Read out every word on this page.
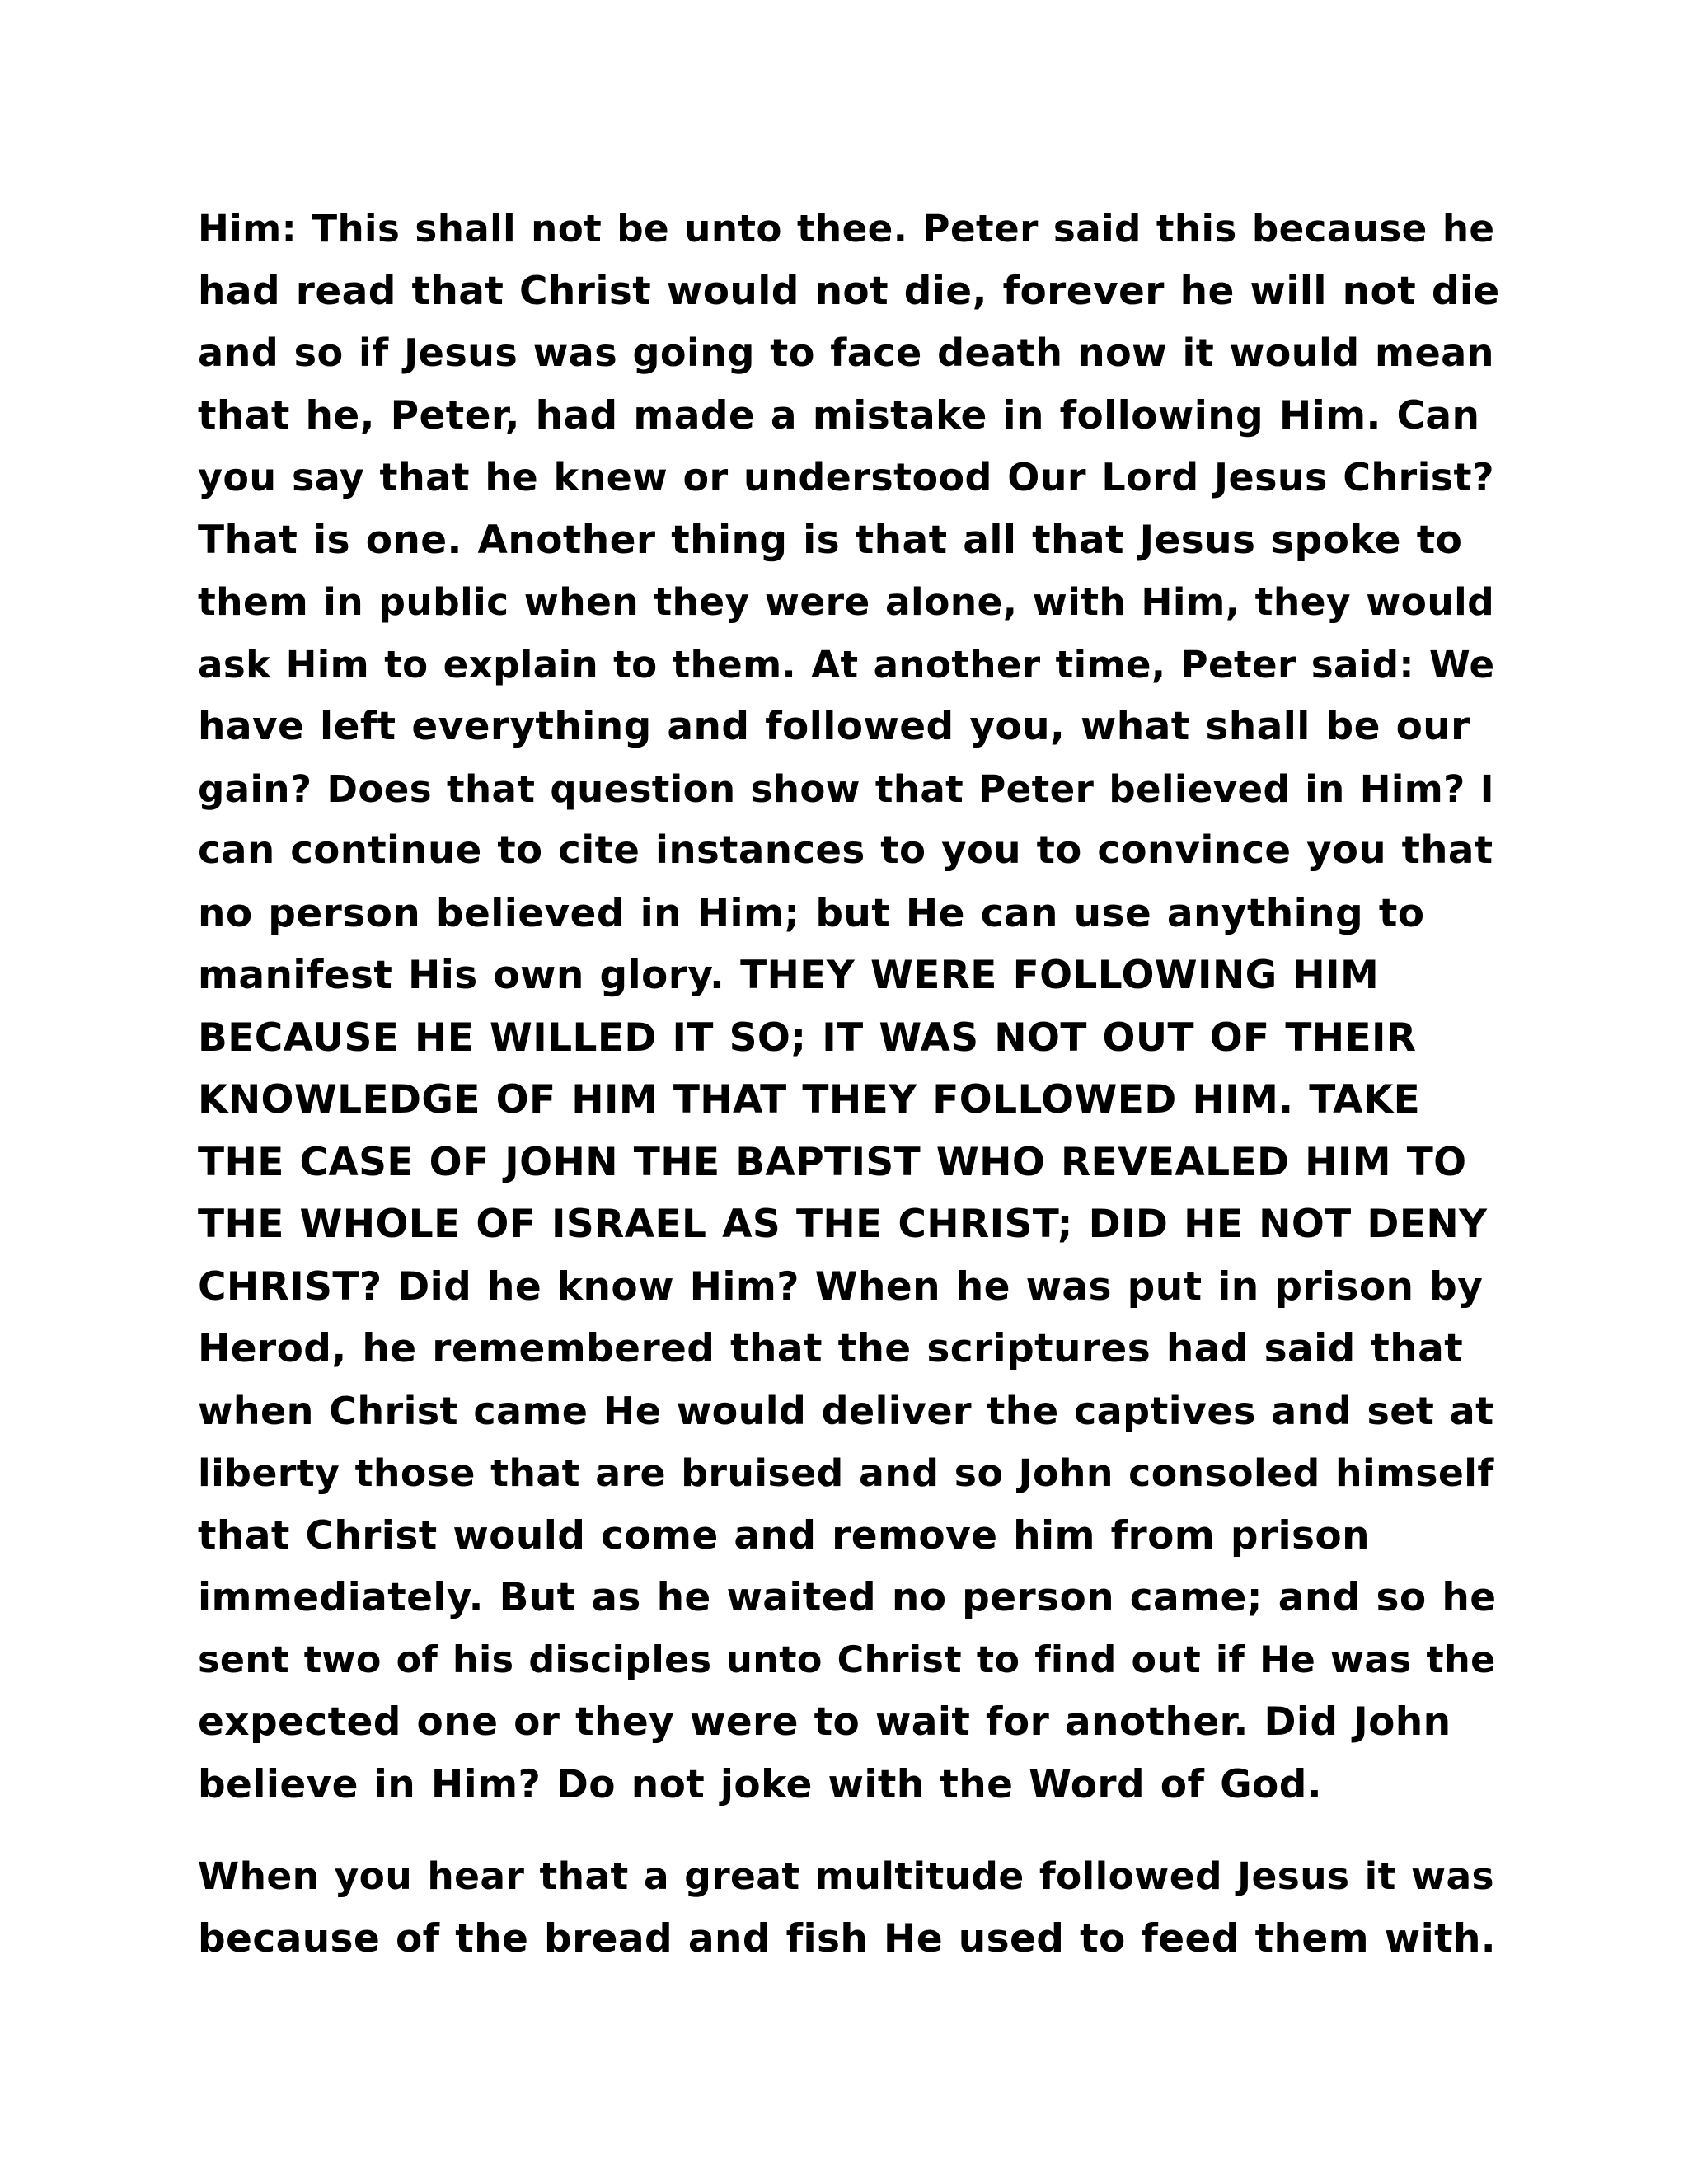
Him: This shall not be unto thee. Peter said this because he
had read that Christ would not die, forever he will not die
and so if Jesus was going to face death now it would mean
that he, Peter, had made a mistake in following Him. Can
you say that he knew or understood Our Lord Jesus Christ?
That is one. Another thing is that all that Jesus spoke to
them in public when they were alone, with Him, they would
ask Him to explain to them. At another time, Peter said: We
have left everything and followed you, what shall be our
gain? Does that question show that Peter believed in Him? I
can continue to cite instances to you to convince you that
no person believed in Him; but He can use anything to
manifest His own glory. THEY WERE FOLLOWING HIM
BECAUSE HE WILLED IT SO; IT WAS NOT OUT OF THEIR
KNOWLEDGE OF HIM THAT THEY FOLLOWED HIM. TAKE
THE CASE OF JOHN THE BAPTIST WHO REVEALED HIM TO
THE WHOLE OF ISRAEL AS THE CHRIST; DID HE NOT DENY
CHRIST? Did he know Him? When he was put in prison by
Herod, he remembered that the scriptures had said that
when Christ came He would deliver the captives and set at
liberty those that are bruised and so John consoled himself
that Christ would come and remove him from prison
immediately. But as he waited no person came; and so he
sent two of his disciples unto Christ to find out if He was the
expected one or they were to wait for another. Did John
believe in Him? Do not joke with the Word of God.
When you hear that a great multitude followed Jesus it was
because of the bread and fish He used to feed them with.
